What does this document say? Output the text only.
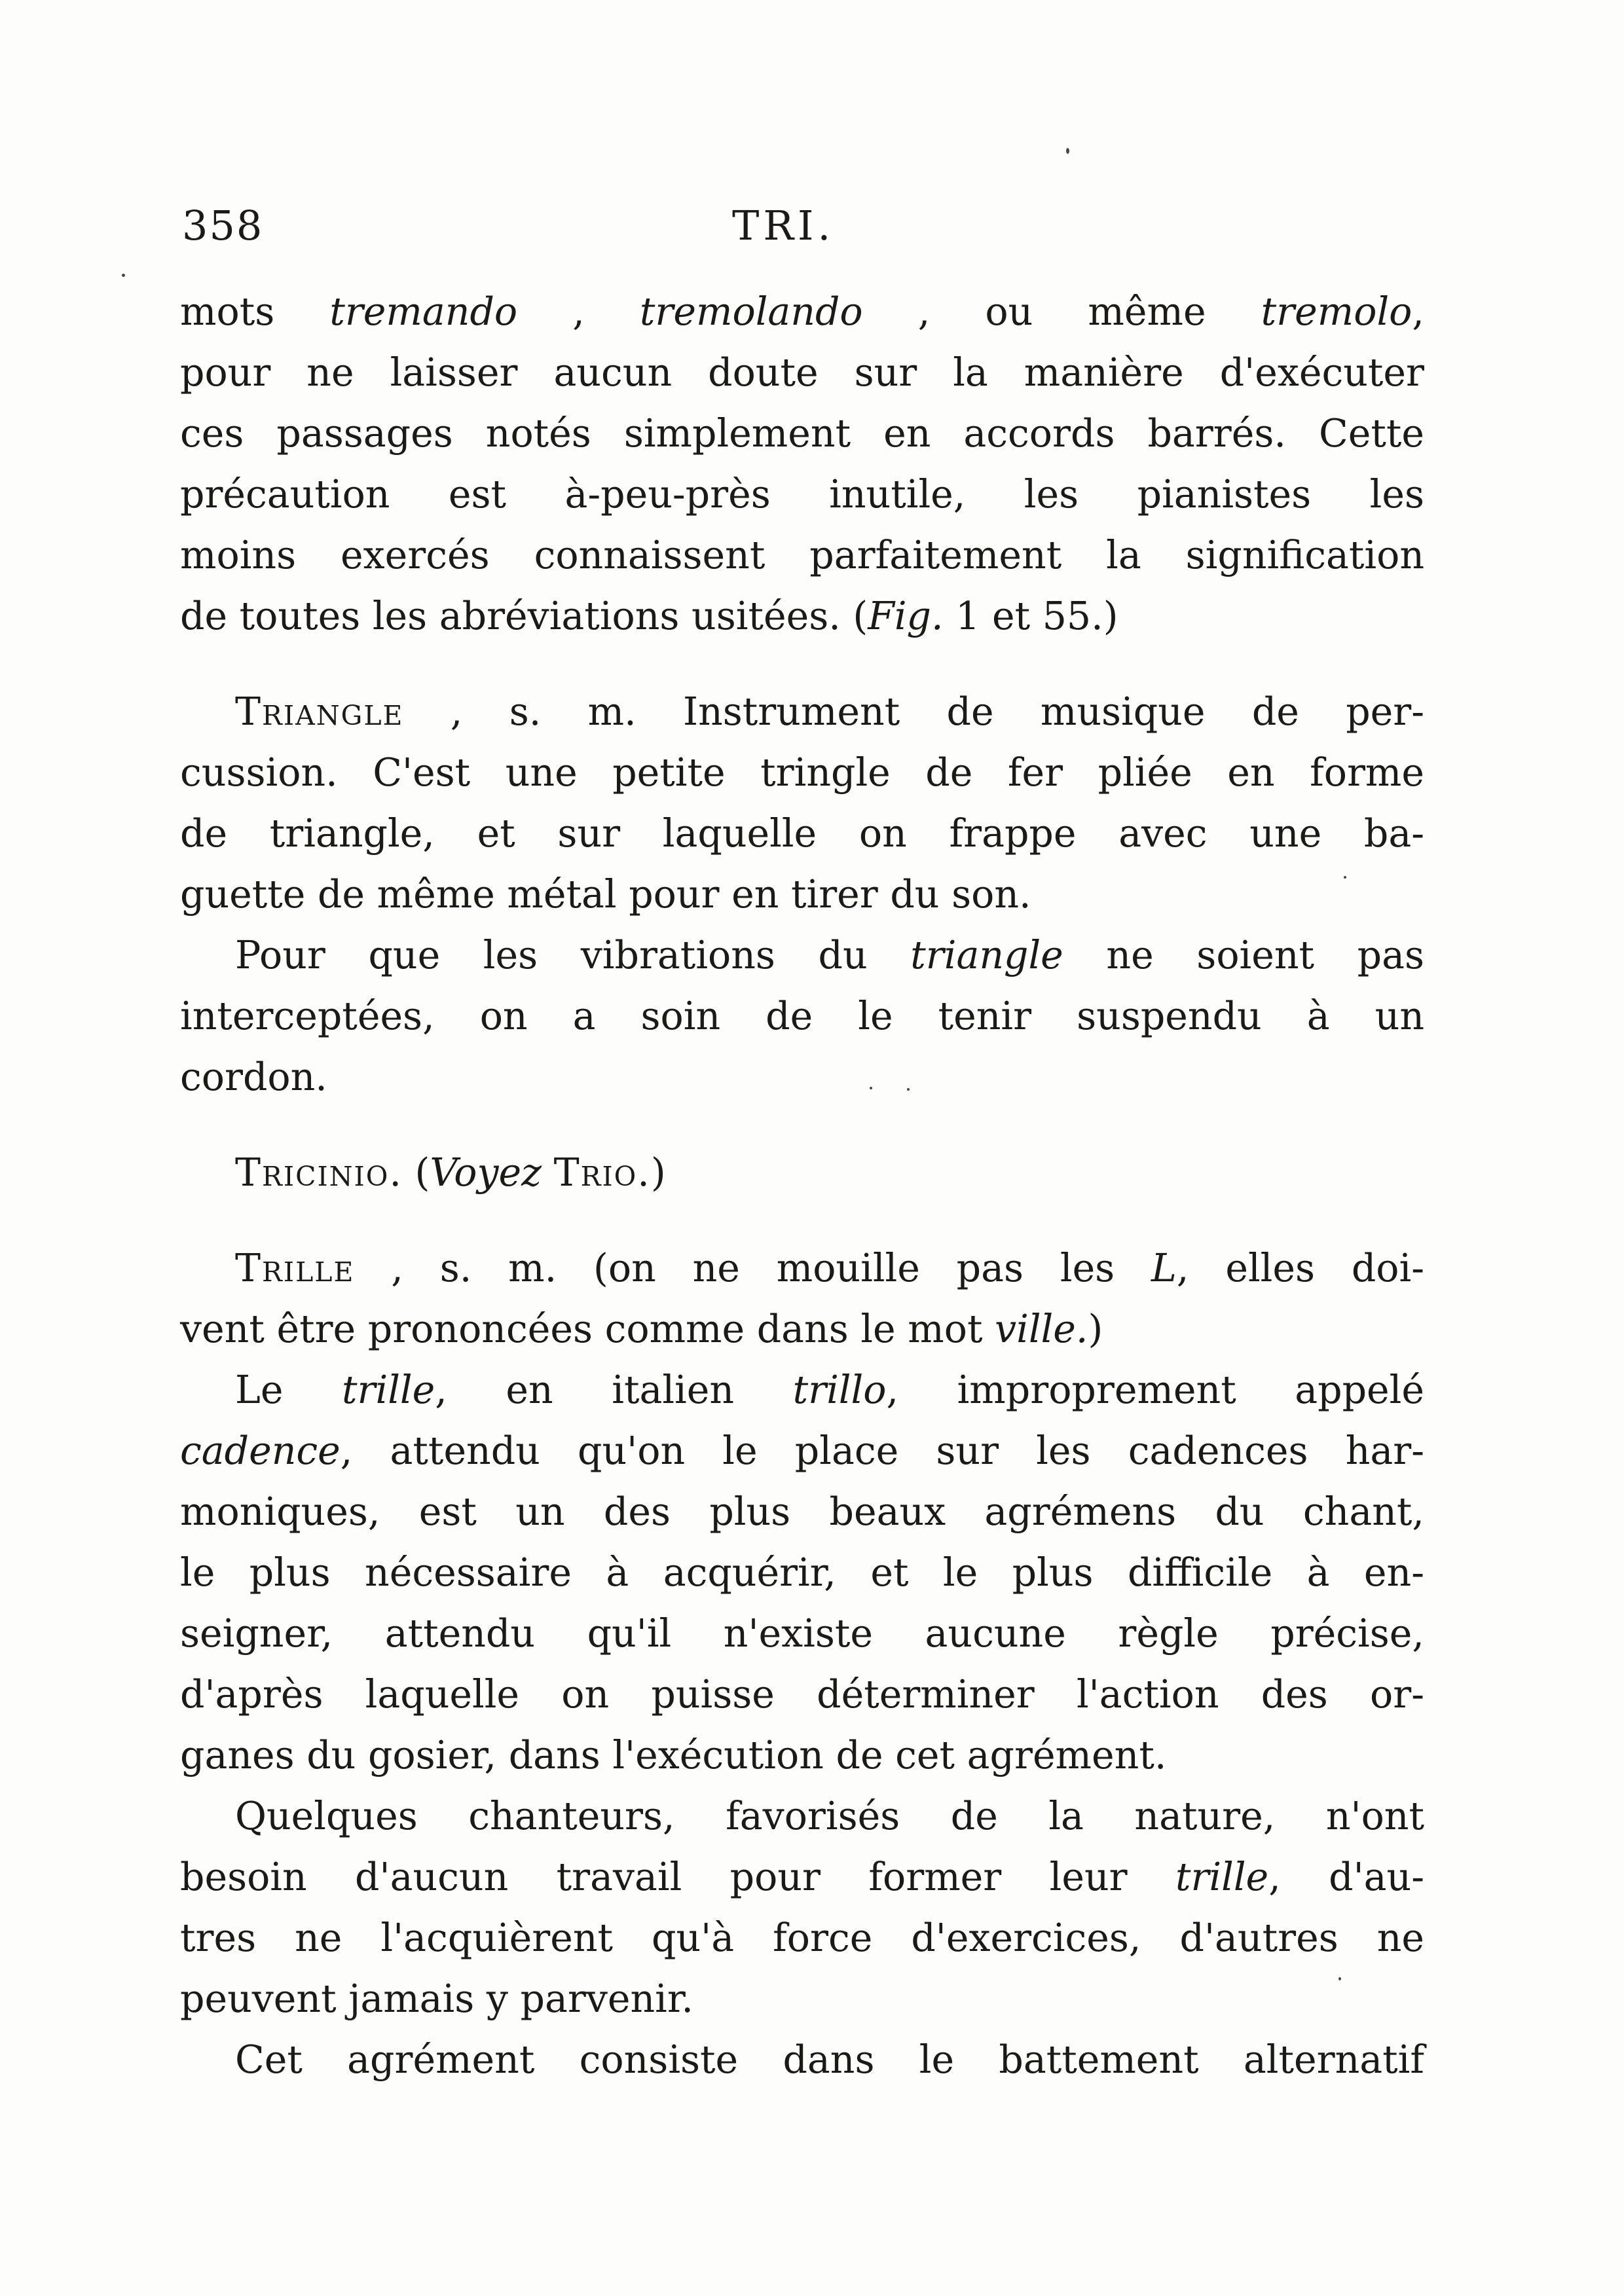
358	TRI.
mots tremando , tremolando , ou même tremolo,
pour ne laisser aucun doute sur la manière d'exécuter
ces passages notés simplement en accords barrés. Cette
précaution est à-peu-près inutile, les pianistes les
moins exercés connaissent parfaitement la signification
de toutes les abréviations usitées. (Fig. 1 et 55.)
Triangle , s. m. Instrument de musique de per-
cussion. C'est une petite tringle de fer pliée en forme
de triangle, et sur laquelle on frappe avec une ba-
guette de même métal pour en tirer du son.
Pour que les vibrations du triangle ne soient pas
interceptées, on a soin de le tenir suspendu à un
cordon.
Tricinio. (Voyez Trio.)
Trille , s. m. (on ne mouille pas les L, elles doi-
vent être prononcées comme dans le mot ville.)
Le trille, en italien trillo, improprement appelé
cadence, attendu qu'on le place sur les cadences har-
moniques, est un des plus beaux agrémens du chant,
le plus nécessaire à acquérir, et le plus difficile à en-
seigner, attendu qu'il n'existe aucune règle précise,
d'après laquelle on puisse déterminer l'action des or-
ganes du gosier, dans l'exécution de cet agrément.
Quelques chanteurs, favorisés de la nature, n'ont
besoin d'aucun travail pour former leur trille, d'au-
tres ne l'acquièrent qu'à force d'exercices, d'autres ne
peuvent jamais y parvenir.
Cet agrément consiste dans le battement alternatif
